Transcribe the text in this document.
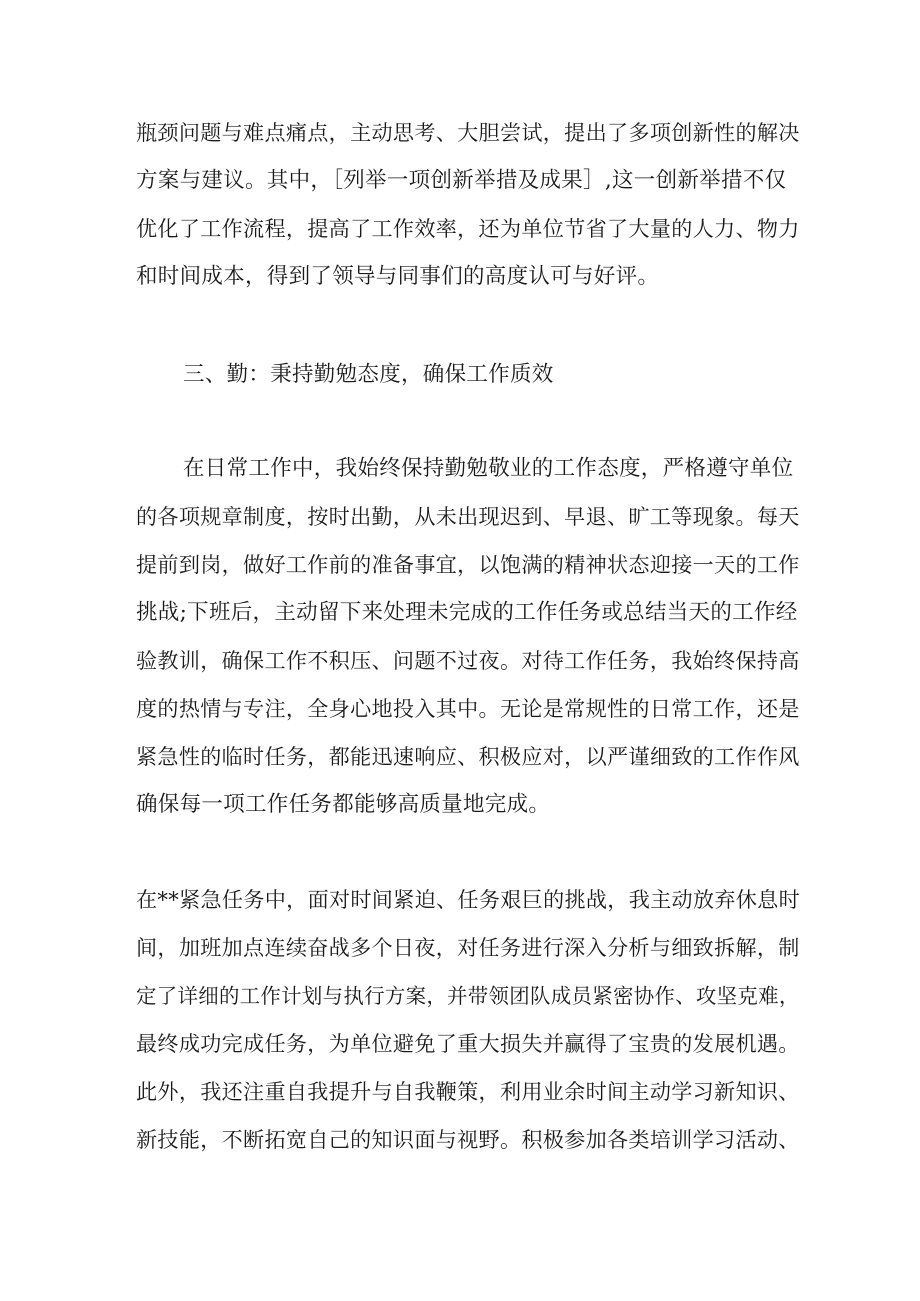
瓶颈问题与难点痛点，主动思考、大胆尝试，提出了多项创新性的解决
方案与建议。其中，［列举一项创新举措及成果］,这一创新举措不仅
优化了工作流程，提高了工作效率，还为单位节省了大量的人力、物力
和时间成本，得到了领导与同事们的高度认可与好评。
三、勤：秉持勤勉态度，确保工作质效
在日常工作中，我始终保持勤勉敬业的工作态度，严格遵守单位
的各项规章制度，按时出勤，从未出现迟到、早退、旷工等现象。每天
提前到岗，做好工作前的准备事宜，以饱满的精神状态迎接一天的工作
挑战;下班后，主动留下来处理未完成的工作任务或总结当天的工作经
验教训，确保工作不积压、问题不过夜。对待工作任务，我始终保持高
度的热情与专注，全身心地投入其中。无论是常规性的日常工作，还是
紧急性的临时任务，都能迅速响应、积极应对，以严谨细致的工作作风
确保每一项工作任务都能够高质量地完成。
在**紧急任务中，面对时间紧迫、任务艰巨的挑战，我主动放弃休息时
间，加班加点连续奋战多个日夜，对任务进行深入分析与细致拆解，制
定了详细的工作计划与执行方案，并带领团队成员紧密协作、攻坚克难，
最终成功完成任务，为单位避免了重大损失并赢得了宝贵的发展机遇。
此外，我还注重自我提升与自我鞭策，利用业余时间主动学习新知识、
新技能，不断拓宽自己的知识面与视野。积极参加各类培训学习活动、
